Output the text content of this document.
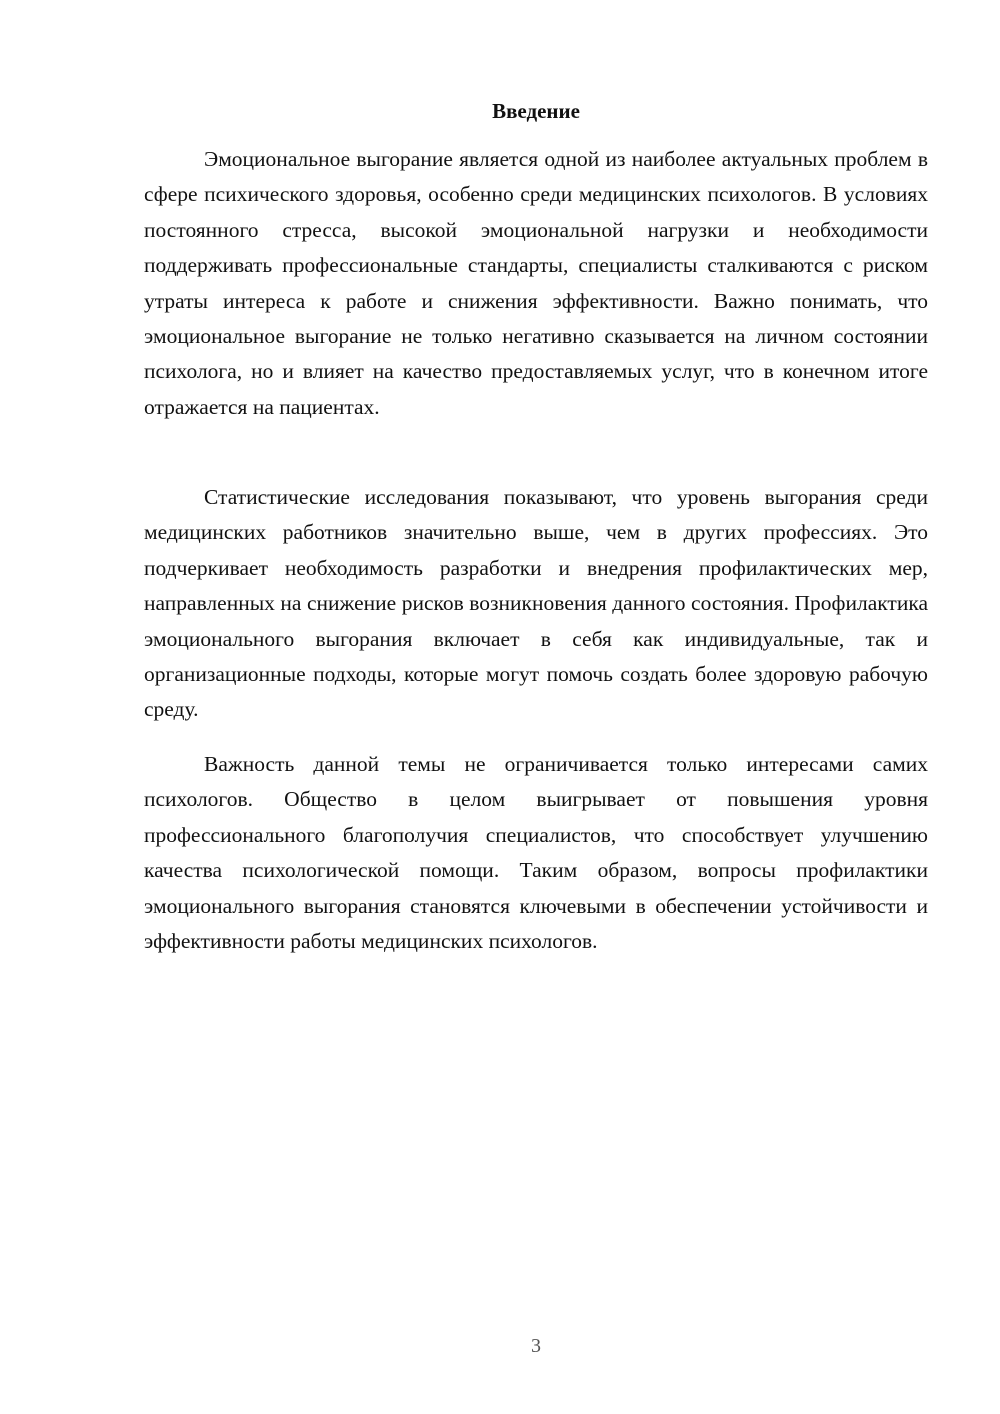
Введение

Эмоциональное выгорание является одной из наиболее актуальных проблем в сфере психического здоровья, особенно среди медицинских психологов. В условиях постоянного стресса, высокой эмоциональной нагрузки и необходимости поддерживать профессиональные стандарты, специалисты сталкиваются с риском утраты интереса к работе и снижения эффективности. Важно понимать, что эмоциональное выгорание не только негативно сказывается на личном состоянии психолога, но и влияет на качество предоставляемых услуг, что в конечном итоге отражается на пациентах.

Статистические исследования показывают, что уровень выгорания среди медицинских работников значительно выше, чем в других профессиях. Это подчеркивает необходимость разработки и внедрения профилактических мер, направленных на снижение рисков возникновения данного состояния. Профилактика эмоционального выгорания включает в себя как индивидуальные, так и организационные подходы, которые могут помочь создать более здоровую рабочую среду.

Важность данной темы не ограничивается только интересами самих психологов. Общество в целом выигрывает от повышения уровня профессионального благополучия специалистов, что способствует улучшению качества психологической помощи. Таким образом, вопросы профилактики эмоционального выгорания становятся ключевыми в обеспечении устойчивости и эффективности работы медицинских психологов.

3
